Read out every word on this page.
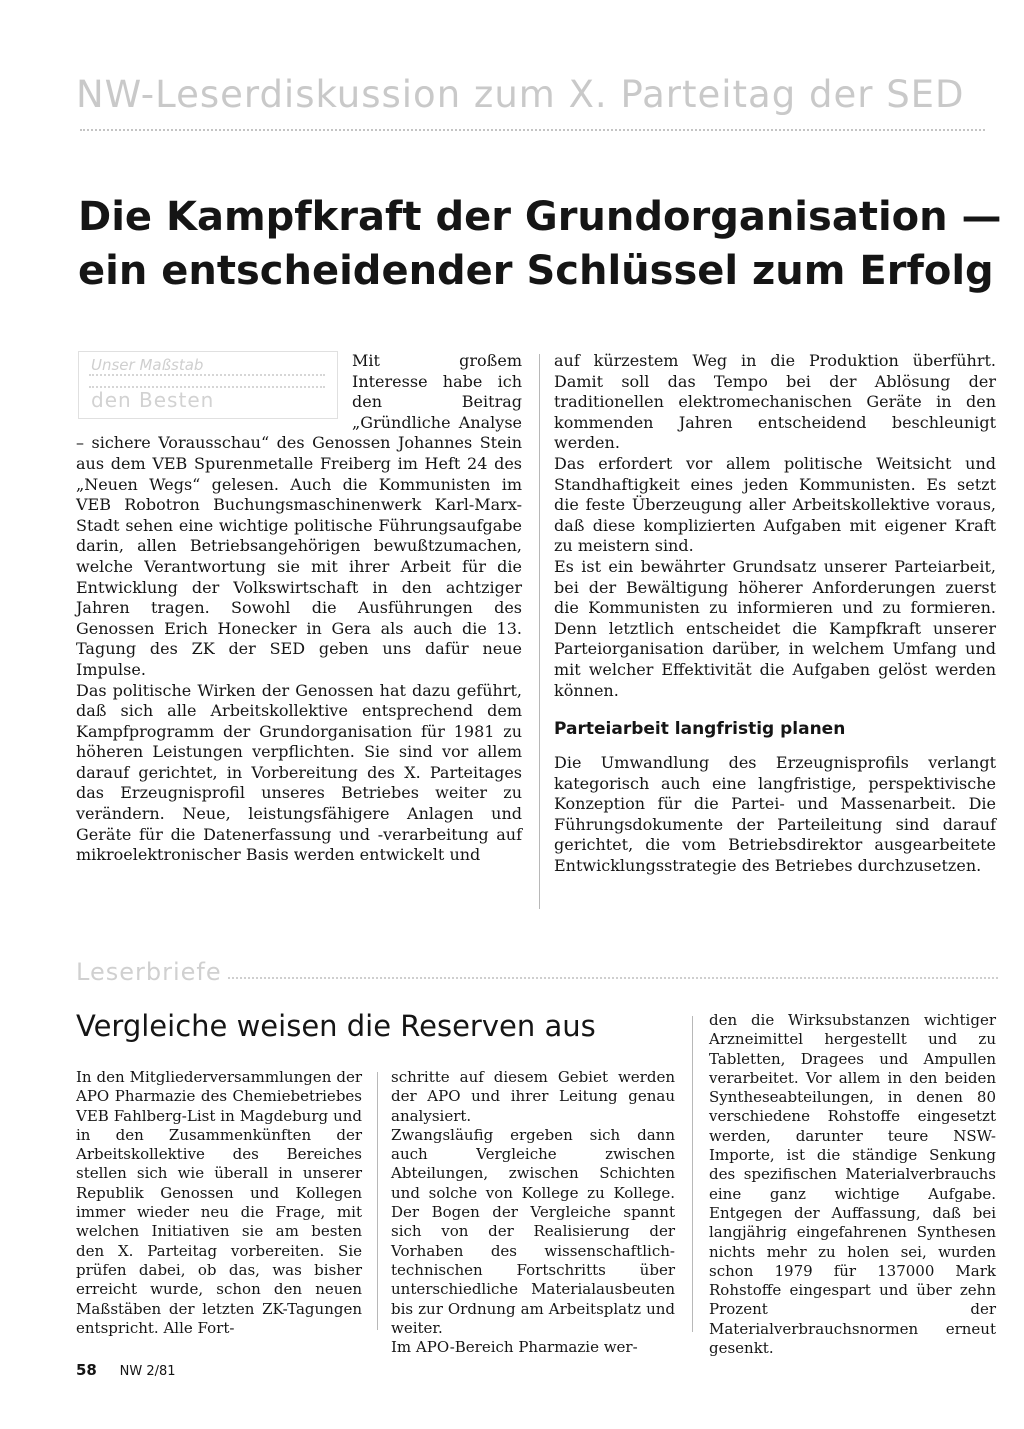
NW-Leserdiskussion zum X. Parteitag der SED
Die Kampfkraft der Grundorganisation —
ein entscheidender Schlüssel zum Erfolg
Unser Maßstab
den Besten

Mit großem Interesse habe ich den Beitrag „Gründliche Analyse – sichere Vorausschau“ des Genossen Johannes Stein aus dem VEB Spurenmetalle Freiberg im Heft 24 des „Neuen Wegs“ gelesen. Auch die Kommunisten im VEB Robotron Buchungsmaschinenwerk Karl-Marx-Stadt sehen eine wichtige politische Führungsaufgabe darin, allen Betriebsangehörigen bewußtzumachen, welche Verantwortung sie mit ihrer Arbeit für die Entwicklung der Volkswirtschaft in den achtziger Jahren tragen. Sowohl die Ausführungen des Genossen Erich Honecker in Gera als auch die 13. Tagung des ZK der SED geben uns dafür neue Impulse.

Das politische Wirken der Genossen hat dazu geführt, daß sich alle Arbeitskollektive entsprechend dem Kampfprogramm der Grundorganisation für 1981 zu höheren Leistungen verpflichten. Sie sind vor allem darauf gerichtet, in Vorbereitung des X. Parteitages das Erzeugnisprofil unseres Betriebes weiter zu verändern. Neue, leistungsfähigere Anlagen und Geräte für die Datenerfassung und -verarbeitung auf mikroelektronischer Basis werden entwickelt und

auf kürzestem Weg in die Produktion überführt. Damit soll das Tempo bei der Ablösung der traditionellen elektromechanischen Geräte in den kommenden Jahren entscheidend beschleunigt werden.

Das erfordert vor allem politische Weitsicht und Standhaftigkeit eines jeden Kommunisten. Es setzt die feste Überzeugung aller Arbeitskollektive voraus, daß diese komplizierten Aufgaben mit eigener Kraft zu meistern sind.

Es ist ein bewährter Grundsatz unserer Parteiarbeit, bei der Bewältigung höherer Anforderungen zuerst die Kommunisten zu informieren und zu formieren. Denn letztlich entscheidet die Kampfkraft unserer Parteiorganisation darüber, in welchem Umfang und mit welcher Effektivität die Aufgaben gelöst werden können.

Parteiarbeit langfristig planen

Die Umwandlung des Erzeugnisprofils verlangt kategorisch auch eine langfristige, perspektivische Konzeption für die Partei- und Massenarbeit. Die Führungsdokumente der Parteileitung sind darauf gerichtet, die vom Betriebsdirektor ausgearbeitete Entwicklungsstrategie des Betriebes durchzusetzen.

Leserbriefe
Vergleiche weisen die Reserven aus

In den Mitgliederversammlungen der APO Pharmazie des Chemiebetriebes VEB Fahlberg-List in Magdeburg und in den Zusammenkünften der Arbeitskollektive des Bereiches stellen sich wie überall in unserer Republik Genossen und Kollegen immer wieder neu die Frage, mit welchen Initiativen sie am besten den X. Parteitag vorbereiten. Sie prüfen dabei, ob das, was bisher erreicht wurde, schon den neuen Maßstäben der letzten ZK-Tagungen entspricht. Alle Fort-

schritte auf diesem Gebiet werden der APO und ihrer Leitung genau analysiert.

Zwangsläufig ergeben sich dann auch Vergleiche zwischen Abteilungen, zwischen Schichten und solche von Kollege zu Kollege. Der Bogen der Vergleiche spannt sich von der Realisierung der Vorhaben des wissenschaftlich-technischen Fortschritts über unterschiedliche Materialausbeuten bis zur Ordnung am Arbeitsplatz und weiter.

Im APO-Bereich Pharmazie wer-

den die Wirksubstanzen wichtiger Arzneimittel hergestellt und zu Tabletten, Dragees und Ampullen verarbeitet. Vor allem in den beiden Syntheseabteilungen, in denen 80 verschiedene Rohstoffe eingesetzt werden, darunter teure NSW-Importe, ist die ständige Senkung des spezifischen Materialverbrauchs eine ganz wichtige Aufgabe. Entgegen der Auffassung, daß bei langjährig eingefahrenen Synthesen nichts mehr zu holen sei, wurden schon 1979 für 137000 Mark Rohstoffe eingespart und über zehn Prozent der Materialverbrauchsnormen erneut gesenkt.

58 NW 2/81
